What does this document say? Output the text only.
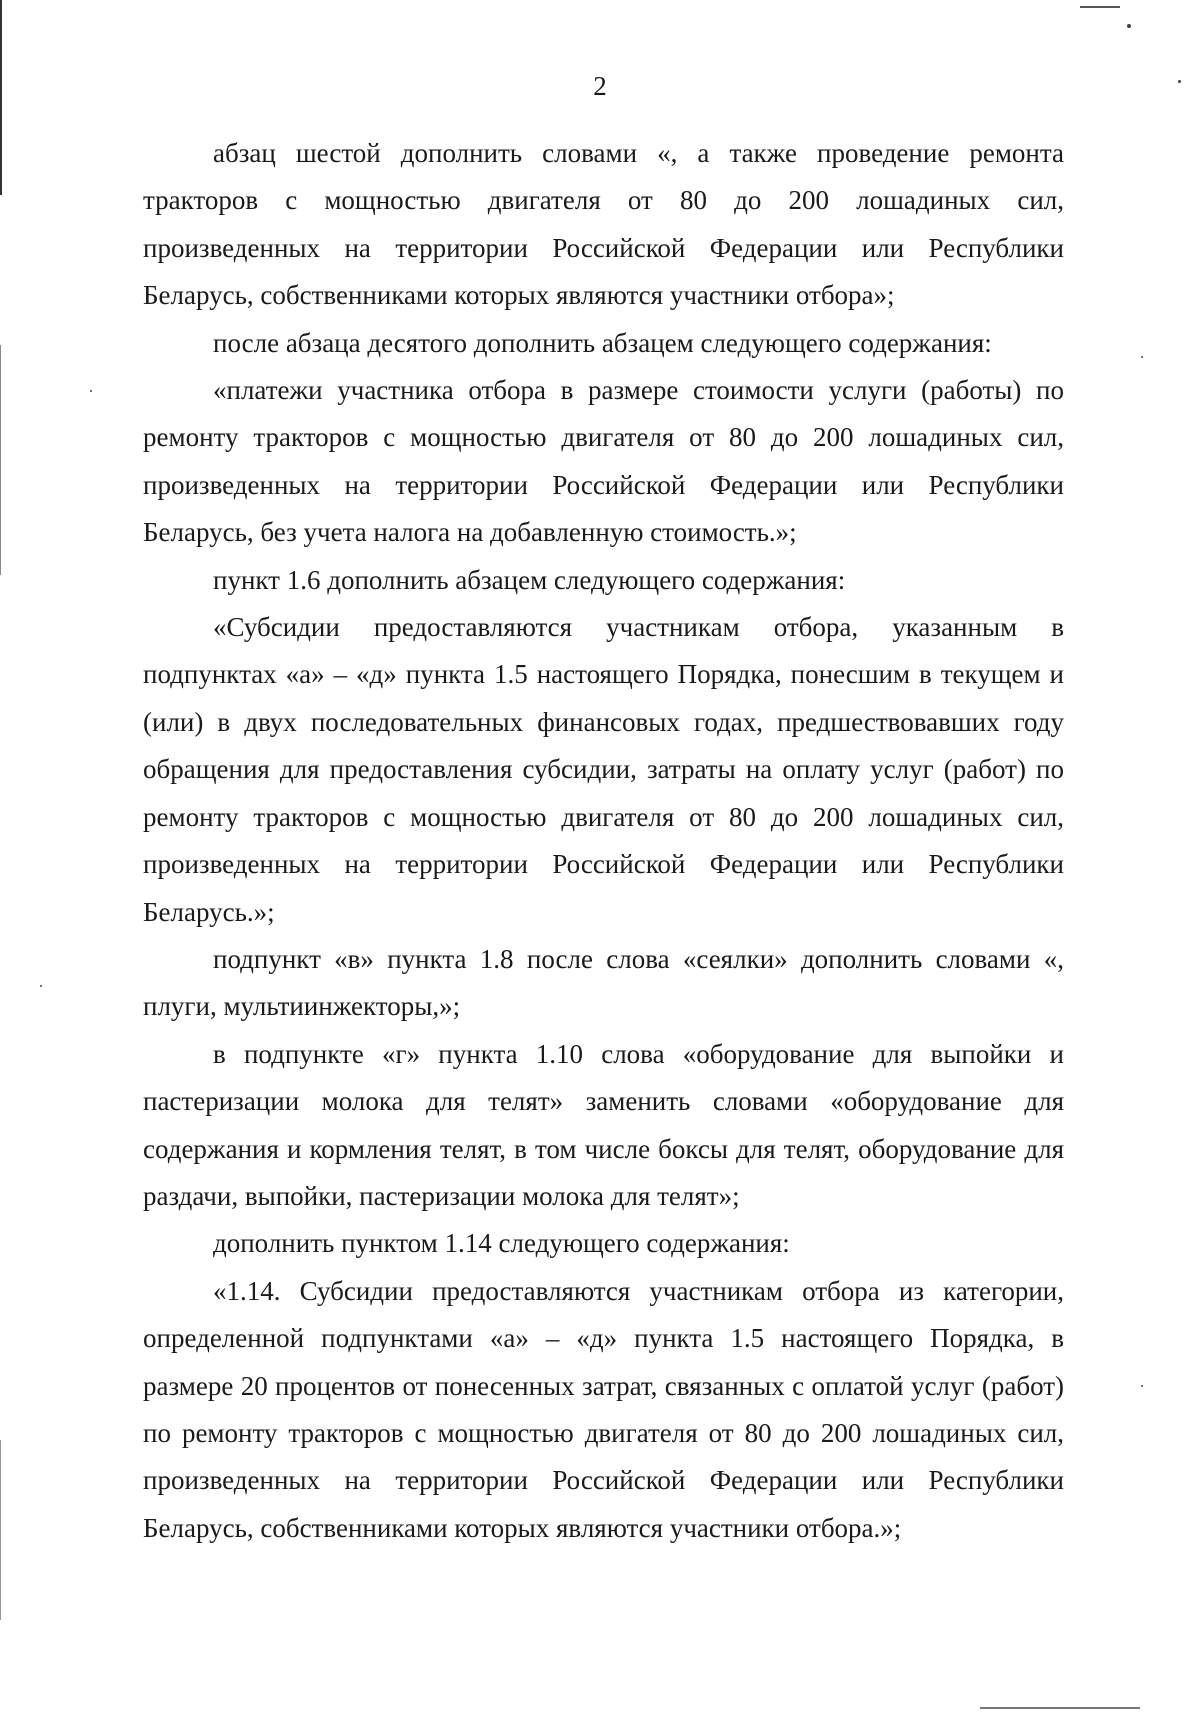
2

абзац шестой дополнить словами «, а также проведение ремонта тракторов с мощностью двигателя от 80 до 200 лошадиных сил, произведенных на территории Российской Федерации или Республики Беларусь, собственниками которых являются участники отбора»;

после абзаца десятого дополнить абзацем следующего содержания:

«платежи участника отбора в размере стоимости услуги (работы) по ремонту тракторов с мощностью двигателя от 80 до 200 лошадиных сил, произведенных на территории Российской Федерации или Республики Беларусь, без учета налога на добавленную стоимость.»;

пункт 1.6 дополнить абзацем следующего содержания:

«Субсидии предоставляются участникам отбора, указанным в подпунктах «а» – «д» пункта 1.5 настоящего Порядка, понесшим в текущем и (или) в двух последовательных финансовых годах, предшествовавших году обращения для предоставления субсидии, затраты на оплату услуг (работ) по ремонту тракторов с мощностью двигателя от 80 до 200 лошадиных сил, произведенных на территории Российской Федерации или Республики Беларусь.»;

подпункт «в» пункта 1.8 после слова «сеялки» дополнить словами «, плуги, мультиинжекторы,»;

в подпункте «г» пункта 1.10 слова «оборудование для выпойки и пастеризации молока для телят» заменить словами «оборудование для содержания и кормления телят, в том числе боксы для телят, оборудование для раздачи, выпойки, пастеризации молока для телят»;

дополнить пунктом 1.14 следующего содержания:

«1.14. Субсидии предоставляются участникам отбора из категории, определенной подпунктами «а» – «д» пункта 1.5 настоящего Порядка, в размере 20 процентов от понесенных затрат, связанных с оплатой услуг (работ) по ремонту тракторов с мощностью двигателя от 80 до 200 лошадиных сил, произведенных на территории Российской Федерации или Республики Беларусь, собственниками которых являются участники отбора.»;
